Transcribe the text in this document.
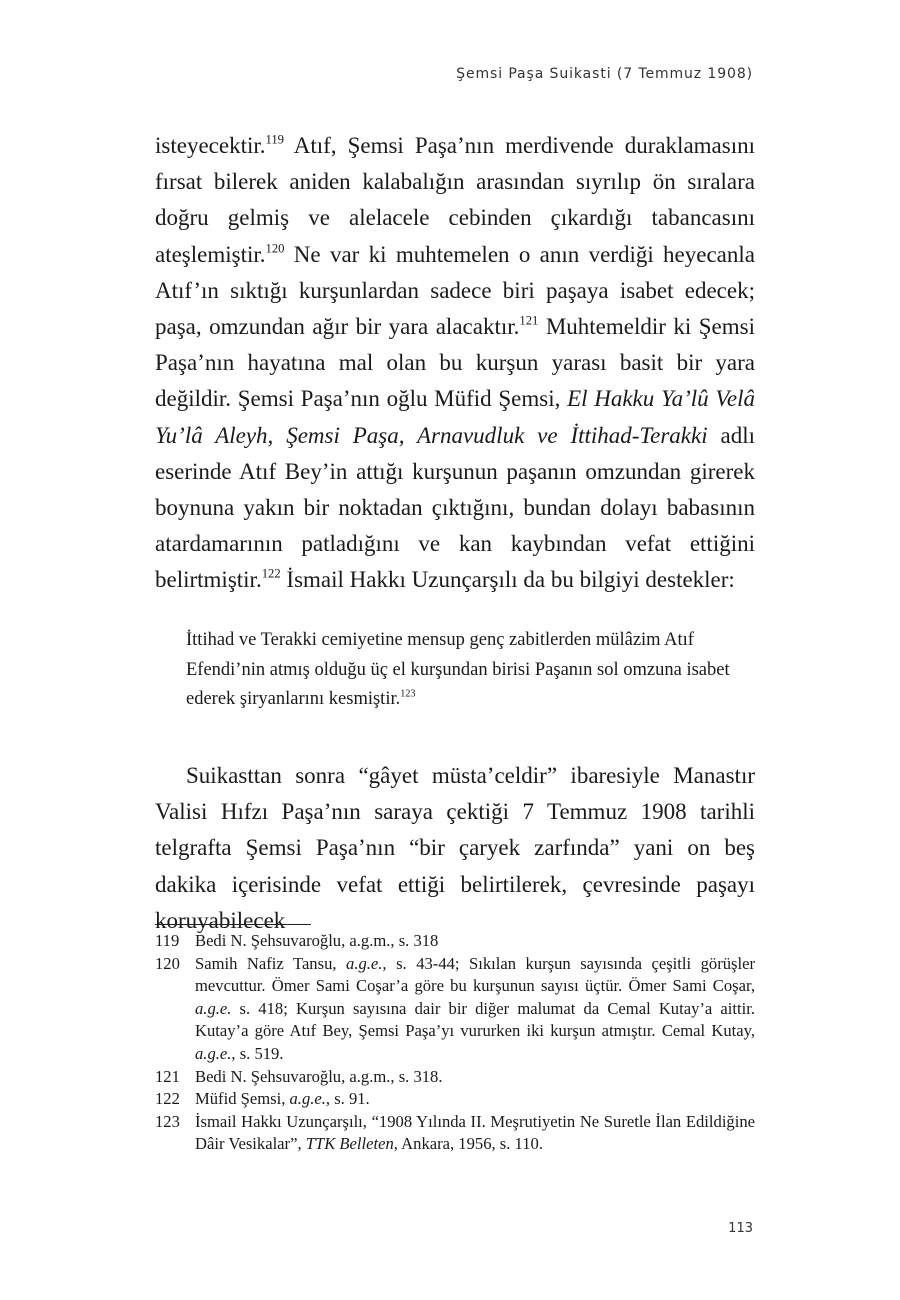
Şemsi Paşa Suikasti (7 Temmuz 1908)

isteyecektir.$^{119}$ Atıf, Şemsi Paşa’nın merdivende duraklamasını fırsat bilerek aniden kalabalığın arasından sıyrılıp ön sıralara doğru gelmiş ve alelacele cebinden çıkardığı tabancasını ateşlemiştir.$^{120}$ Ne var ki muhtemelen o anın verdiği heyecanla Atıf’ın sıktığı kurşunlardan sadece biri paşaya isabet edecek; paşa, omzundan ağır bir yara alacaktır.$^{121}$ Muhtemeldir ki Şemsi Paşa’nın hayatına mal olan bu kurşun yarası basit bir yara değildir. Şemsi Paşa’nın oğlu Müfid Şemsi, El Hakku Ya’lû Velâ Yu’lâ Aleyh, Şemsi Paşa, Arnavudluk ve İttihad-Terakki adlı eserinde Atıf Bey’in attığı kurşunun paşanın omzundan girerek boynuna yakın bir noktadan çıktığını, bundan dolayı babasının atardamarının patladığını ve kan kaybından vefat ettiğini belirtmiştir.$^{122}$ İsmail Hakkı Uzunçarşılı da bu bilgiyi destekler:

İttihad ve Terakki cemiyetine mensup genç zabitlerden mülâzim Atıf Efendi’nin atmış olduğu üç el kurşundan birisi Paşanın sol omzuna isabet ederek şiryanlarını kesmiştir.$^{123}$

Suikasttan sonra “gâyet müsta’celdir” ibaresiyle Manastır Valisi Hıfzı Paşa’nın saraya çektiği 7 Temmuz 1908 tarihli telgrafta Şemsi Paşa’nın “bir çaryek zarfında” yani on beş dakika içerisinde vefat ettiği belirtilerek, çevresinde paşayı koruyabilecek

119 Bedi N. Şehsuvaroğlu, a.g.m., s. 318
120 Samih Nafiz Tansu, a.g.e., s. 43-44; Sıkılan kurşun sayısında çeşitli görüşler mevcuttur. Ömer Sami Coşar’a göre bu kurşunun sayısı üçtür. Ömer Sami Coşar, a.g.e. s. 418; Kurşun sayısına dair bir diğer malumat da Cemal Kutay’a aittir. Kutay’a göre Atıf Bey, Şemsi Paşa’yı vururken iki kurşun atmıştır. Cemal Kutay, a.g.e., s. 519.
121 Bedi N. Şehsuvaroğlu, a.g.m., s. 318.
122 Müfid Şemsi, a.g.e., s. 91.
123 İsmail Hakkı Uzunçarşılı, “1908 Yılında II. Meşrutiyetin Ne Suretle İlan Edildiğine Dâir Vesikalar”, TTK Belleten, Ankara, 1956, s. 110.
113
